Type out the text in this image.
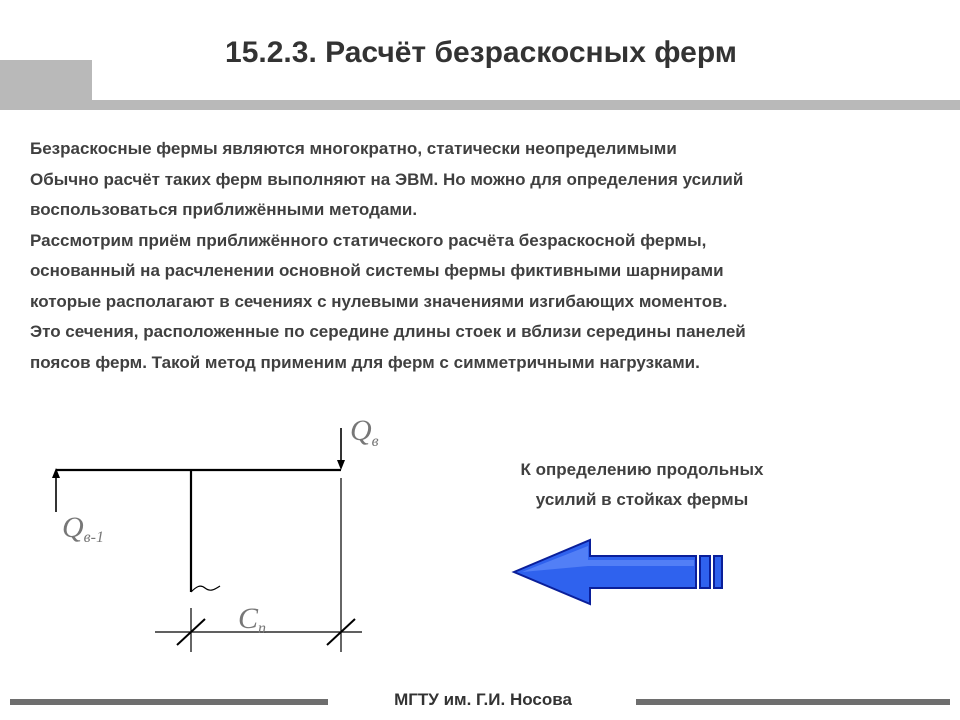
15.2.3. Расчёт безраскосных ферм

Безраскосные фермы являются многократно, статически неопределимыми

Обычно расчёт таких ферм выполняют на ЭВМ. Но можно для определения усилий

воспользоваться приближёнными методами.

Рассмотрим приём приближённого статического расчёта безраскосной фермы,

основанный на расчленении основной системы фермы фиктивными шарнирами

которые располагают в сечениях с нулевыми значениями изгибающих моментов.

Это сечения, расположенные по середине длины стоек и вблизи середины панелей

поясов ферм. Такой метод применим для ферм с симметричными нагрузками.

$Q_в$
Qв-1
Cn
К определению продольных
усилий в стойках фермы
МГТУ им. Г.И. Носова
